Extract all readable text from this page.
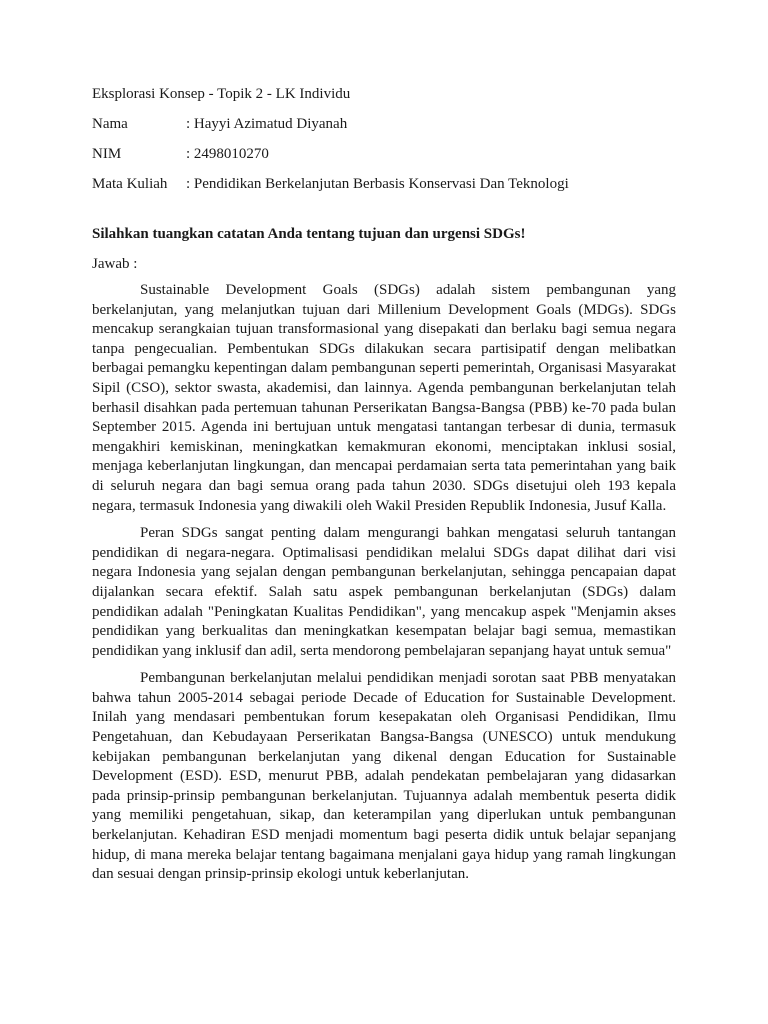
Eksplorasi Konsep - Topik 2 - LK Individu

Nama	: Hayyi Azimatud Diyanah
NIM	: 2498010270
Mata Kuliah	: Pendidikan Berkelanjutan Berbasis Konservasi Dan Teknologi

Silahkan tuangkan catatan Anda tentang tujuan dan urgensi SDGs!

Jawab :

Sustainable Development Goals (SDGs) adalah sistem pembangunan yang berkelanjutan, yang melanjutkan tujuan dari Millenium Development Goals (MDGs). SDGs mencakup serangkaian tujuan transformasional yang disepakati dan berlaku bagi semua negara tanpa pengecualian. Pembentukan SDGs dilakukan secara partisipatif dengan melibatkan berbagai pemangku kepentingan dalam pembangunan seperti pemerintah, Organisasi Masyarakat Sipil (CSO), sektor swasta, akademisi, dan lainnya. Agenda pembangunan berkelanjutan telah berhasil disahkan pada pertemuan tahunan Perserikatan Bangsa-Bangsa (PBB) ke-70 pada bulan September 2015. Agenda ini bertujuan untuk mengatasi tantangan terbesar di dunia, termasuk mengakhiri kemiskinan, meningkatkan kemakmuran ekonomi, menciptakan inklusi sosial, menjaga keberlanjutan lingkungan, dan mencapai perdamaian serta tata pemerintahan yang baik di seluruh negara dan bagi semua orang pada tahun 2030. SDGs disetujui oleh 193 kepala negara, termasuk Indonesia yang diwakili oleh Wakil Presiden Republik Indonesia, Jusuf Kalla.

Peran SDGs sangat penting dalam mengurangi bahkan mengatasi seluruh tantangan pendidikan di negara-negara. Optimalisasi pendidikan melalui SDGs dapat dilihat dari visi negara Indonesia yang sejalan dengan pembangunan berkelanjutan, sehingga pencapaian dapat dijalankan secara efektif. Salah satu aspek pembangunan berkelanjutan (SDGs) dalam pendidikan adalah "Peningkatan Kualitas Pendidikan", yang mencakup aspek "Menjamin akses pendidikan yang berkualitas dan meningkatkan kesempatan belajar bagi semua, memastikan pendidikan yang inklusif dan adil, serta mendorong pembelajaran sepanjang hayat untuk semua"

Pembangunan berkelanjutan melalui pendidikan menjadi sorotan saat PBB menyatakan bahwa tahun 2005-2014 sebagai periode Decade of Education for Sustainable Development. Inilah yang mendasari pembentukan forum kesepakatan oleh Organisasi Pendidikan, Ilmu Pengetahuan, dan Kebudayaan Perserikatan Bangsa-Bangsa (UNESCO) untuk mendukung kebijakan pembangunan berkelanjutan yang dikenal dengan Education for Sustainable Development (ESD). ESD, menurut PBB, adalah pendekatan pembelajaran yang didasarkan pada prinsip-prinsip pembangunan berkelanjutan. Tujuannya adalah membentuk peserta didik yang memiliki pengetahuan, sikap, dan keterampilan yang diperlukan untuk pembangunan berkelanjutan. Kehadiran ESD menjadi momentum bagi peserta didik untuk belajar sepanjang hidup, di mana mereka belajar tentang bagaimana menjalani gaya hidup yang ramah lingkungan dan sesuai dengan prinsip-prinsip ekologi untuk keberlanjutan.
